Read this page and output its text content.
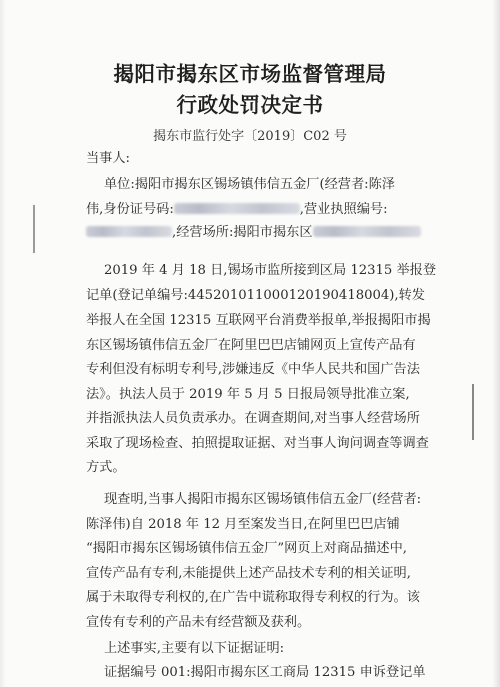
揭阳市揭东区市场监督管理局
行政处罚决定书
揭东市监行处字〔2019〕C02 号
当事人:
单位:揭阳市揭东区锡场镇伟信五金厂(经营者:陈泽
伟,身份证号码:	,营业执照编号:
,经营场所:揭阳市揭东区
2019 年 4 月 18 日,锡场市监所接到区局 12315 举报登
记单(登记单编号:445201011000120190418004),转发
举报人在全国 12315 互联网平台消费举报单,举报揭阳市揭
东区锡场镇伟信五金厂在阿里巴巴店铺网页上宣传产品有
专利但没有标明专利号,涉嫌违反《中华人民共和国广告法
法》。执法人员于 2019 年 5 月 5 日报局领导批准立案,
并指派执法人员负责承办。在调查期间,对当事人经营场所
采取了现场检查、拍照提取证据、对当事人询问调查等调查
方式。
现查明,当事人揭阳市揭东区锡场镇伟信五金厂(经营者:
陈泽伟)自 2018 年 12 月至案发当日,在阿里巴巴店铺
“揭阳市揭东区锡场镇伟信五金厂”网页上对商品描述中,
宣传产品有专利,未能提供上述产品技术专利的相关证明,
属于未取得专利权的,在广告中谎称取得专利权的行为。该
宣传有专利的产品未有经营额及获利。
上述事实,主要有以下证据证明:
证据编号 001:揭阳市揭东区工商局 12315 申诉登记单
